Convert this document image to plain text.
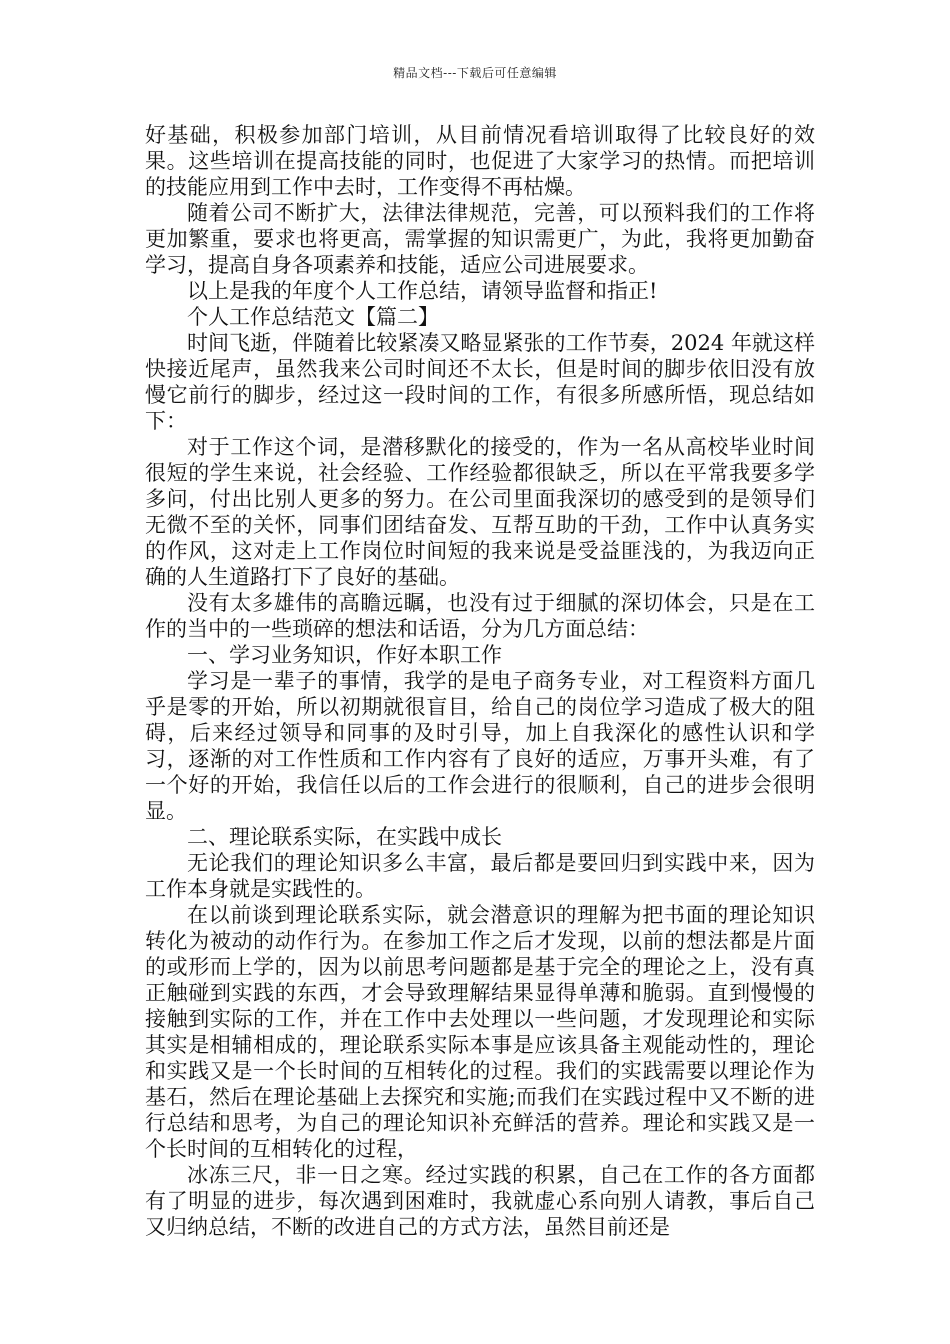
精品文档---下载后可任意编辑

好基础，积极参加部门培训，从目前情况看培训取得了比较良好的效果。这些培训在提高技能的同时，也促进了大家学习的热情。而把培训的技能应用到工作中去时，工作变得不再枯燥。

随着公司不断扩大，法律法律规范，完善，可以预料我们的工作将更加繁重，要求也将更高，需掌握的知识需更广，为此，我将更加勤奋学习，提高自身各项素养和技能，适应公司进展要求。

以上是我的年度个人工作总结，请领导监督和指正!

个人工作总结范文【篇二】

时间飞逝，伴随着比较紧凑又略显紧张的工作节奏，2024 年就这样快接近尾声，虽然我来公司时间还不太长，但是时间的脚步依旧没有放慢它前行的脚步，经过这一段时间的工作，有很多所感所悟，现总结如下：

对于工作这个词，是潜移默化的接受的，作为一名从高校毕业时间很短的学生来说，社会经验、工作经验都很缺乏，所以在平常我要多学多问，付出比别人更多的努力。在公司里面我深切的感受到的是领导们无微不至的关怀，同事们团结奋发、互帮互助的干劲，工作中认真务实的作风，这对走上工作岗位时间短的我来说是受益匪浅的，为我迈向正确的人生道路打下了良好的基础。

没有太多雄伟的高瞻远瞩，也没有过于细腻的深切体会，只是在工作的当中的一些琐碎的想法和话语，分为几方面总结：

一、学习业务知识，作好本职工作

学习是一辈子的事情，我学的是电子商务专业，对工程资料方面几乎是零的开始，所以初期就很盲目，给自己的岗位学习造成了极大的阻碍，后来经过领导和同事的及时引导，加上自我深化的感性认识和学习，逐渐的对工作性质和工作内容有了良好的适应，万事开头难，有了一个好的开始，我信任以后的工作会进行的很顺利，自己的进步会很明显。

二、理论联系实际，在实践中成长

无论我们的理论知识多么丰富，最后都是要回归到实践中来，因为工作本身就是实践性的。

在以前谈到理论联系实际，就会潜意识的理解为把书面的理论知识转化为被动的动作行为。在参加工作之后才发现，以前的想法都是片面的或形而上学的，因为以前思考问题都是基于完全的理论之上，没有真正触碰到实践的东西，才会导致理解结果显得单薄和脆弱。直到慢慢的接触到实际的工作，并在工作中去处理以一些问题，才发现理论和实际其实是相辅相成的，理论联系实际本事是应该具备主观能动性的，理论和实践又是一个长时间的互相转化的过程。我们的实践需要以理论作为基石，然后在理论基础上去探究和实施;而我们在实践过程中又不断的进行总结和思考，为自己的理论知识补充鲜活的营养。理论和实践又是一个长时间的互相转化的过程，

冰冻三尺，非一日之寒。经过实践的积累，自己在工作的各方面都有了明显的进步，每次遇到困难时，我就虚心系向别人请教，事后自己又归纳总结，不断的改进自己的方式方法，虽然目前还是
